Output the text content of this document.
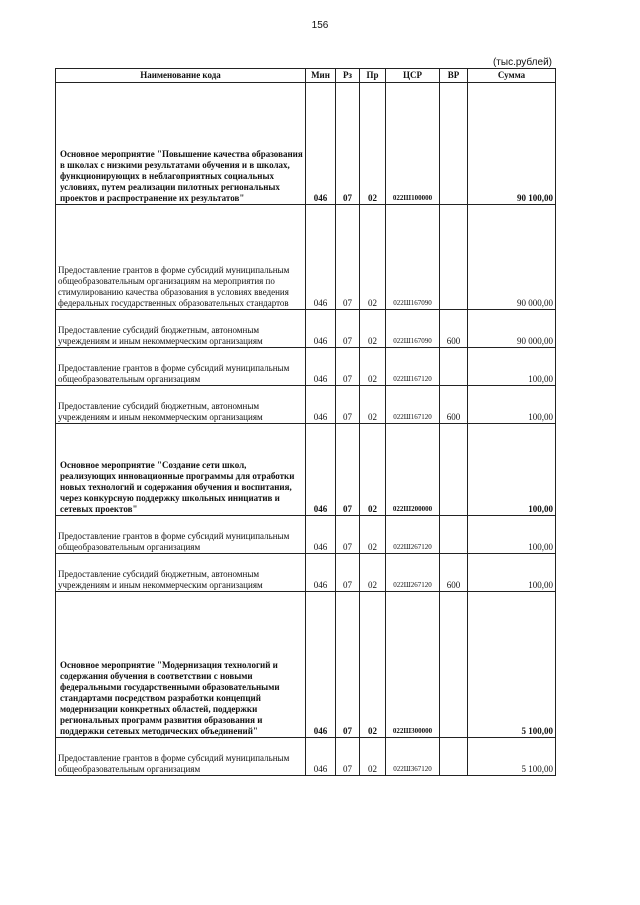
156
(тыс.рублей)
Наименование кода	Мин	Рз	Пр	ЦСР	ВР	Сумма
Основное мероприятие "Повышение качества образования в школах с низкими результатами обучения и в школах, функционирующих в неблагоприятных социальных условиях, путем реализации пилотных региональных проектов и распространение их результатов"	046	07	02	022Ш100000		90 100,00
Предоставление грантов в форме субсидий муниципальным общеобразовательным организациям на мероприятия по стимулированию качества образования в условиях введения федеральных государственных образовательных стандартов	046	07	02	022Ш167090		90 000,00
Предоставление субсидий бюджетным, автономным учреждениям и иным некоммерческим организациям	046	07	02	022Ш167090	600	90 000,00
Предоставление грантов в форме субсидий муниципальным общеобразовательным организациям	046	07	02	022Ш167120		100,00
Предоставление субсидий бюджетным, автономным учреждениям и иным некоммерческим организациям	046	07	02	022Ш167120	600	100,00
Основное мероприятие "Создание сети школ, реализующих инновационные программы для отработки новых технологий и содержания обучения и воспитания, через конкурсную поддержку школьных инициатив и сетевых проектов"	046	07	02	022Ш200000		100,00
Предоставление грантов в форме субсидий муниципальным общеобразовательным организациям	046	07	02	022Ш267120		100,00
Предоставление субсидий бюджетным, автономным учреждениям и иным некоммерческим организациям	046	07	02	022Ш267120	600	100,00
Основное мероприятие "Модернизация технологий и содержания обучения в соответствии с новыми федеральными государственными образовательными стандартами посредством разработки концепций модернизации конкретных областей, поддержки региональных программ развития образования и поддержки сетевых методических объединений"	046	07	02	022Ш300000		5 100,00
Предоставление грантов в форме субсидий муниципальным общеобразовательным организациям	046	07	02	022Ш367120		5 100,00
